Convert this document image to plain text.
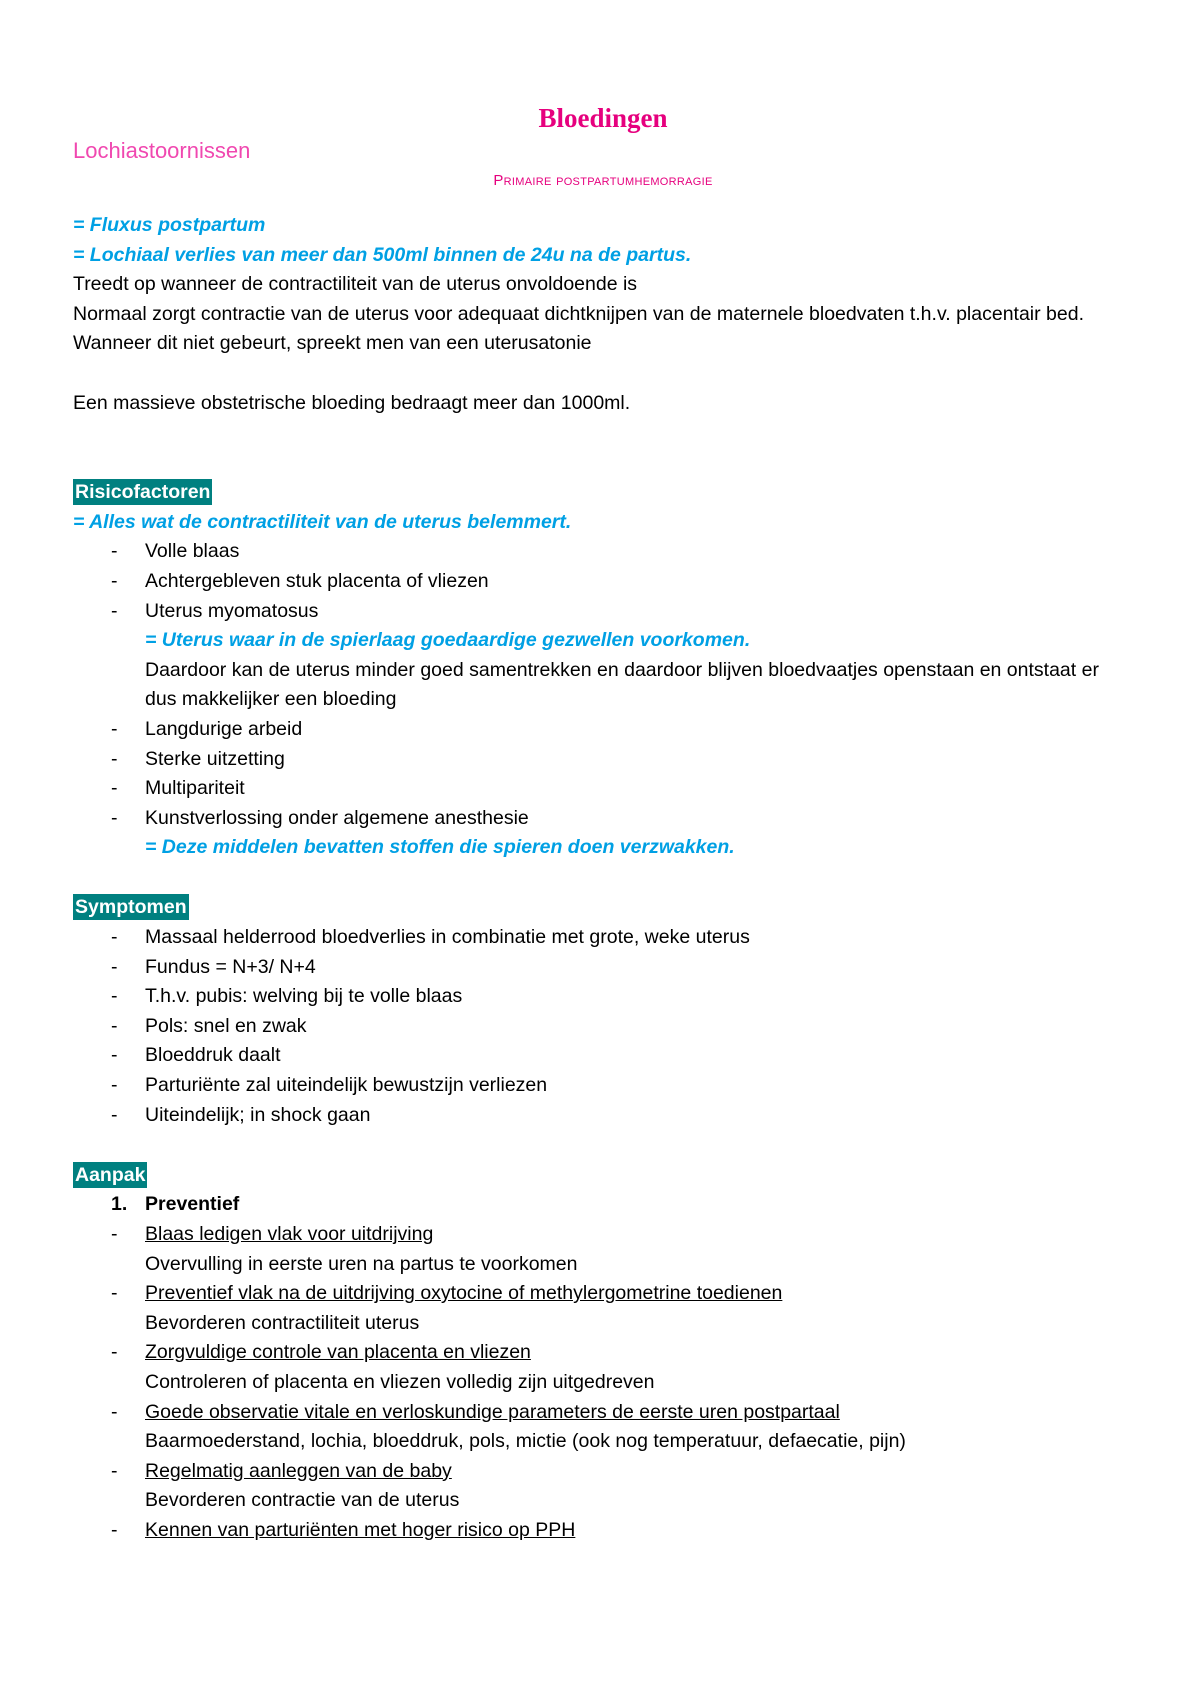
Bloedingen

Lochiastoornissen

Primaire postpartumhemorragie

= Fluxus postpartum

= Lochiaal verlies van meer dan 500ml binnen de 24u na de partus.

Treedt op wanneer de contractiliteit van de uterus onvoldoende is

Normaal zorgt contractie van de uterus voor adequaat dichtknijpen van de maternele bloedvaten t.h.v. placentair bed. Wanneer dit niet gebeurt, spreekt men van een uterusatonie

Een massieve obstetrische bloeding bedraagt meer dan 1000ml.

Risicofactoren

= Alles wat de contractiliteit van de uterus belemmert.

- Volle blaas
- Achtergebleven stuk placenta of vliezen
- Uterus myomatosus

= Uterus waar in de spierlaag goedaardige gezwellen voorkomen.

Daardoor kan de uterus minder goed samentrekken en daardoor blijven bloedvaatjes openstaan en ontstaat er dus makkelijker een bloeding

- Langdurige arbeid
- Sterke uitzetting
- Multipariteit
- Kunstverlossing onder algemene anesthesie

= Deze middelen bevatten stoffen die spieren doen verzwakken.

Symptomen

- Massaal helderrood bloedverlies in combinatie met grote, weke uterus
- Fundus = N+3/ N+4
- T.h.v. pubis: welving bij te volle blaas
- Pols: snel en zwak
- Bloeddruk daalt
- Parturiënte zal uiteindelijk bewustzijn verliezen
- Uiteindelijk; in shock gaan

Aanpak

1. Preventief

- Blaas ledigen vlak voor uitdrijving

Overvulling in eerste uren na partus te voorkomen

- Preventief vlak na de uitdrijving oxytocine of methylergometrine toedienen

Bevorderen contractiliteit uterus

- Zorgvuldige controle van placenta en vliezen

Controleren of placenta en vliezen volledig zijn uitgedreven

- Goede observatie vitale en verloskundige parameters de eerste uren postpartaal

Baarmoederstand, lochia, bloeddruk, pols, mictie (ook nog temperatuur, defaecatie, pijn)

- Regelmatig aanleggen van de baby

Bevorderen contractie van de uterus

- Kennen van parturiënten met hoger risico op PPH
